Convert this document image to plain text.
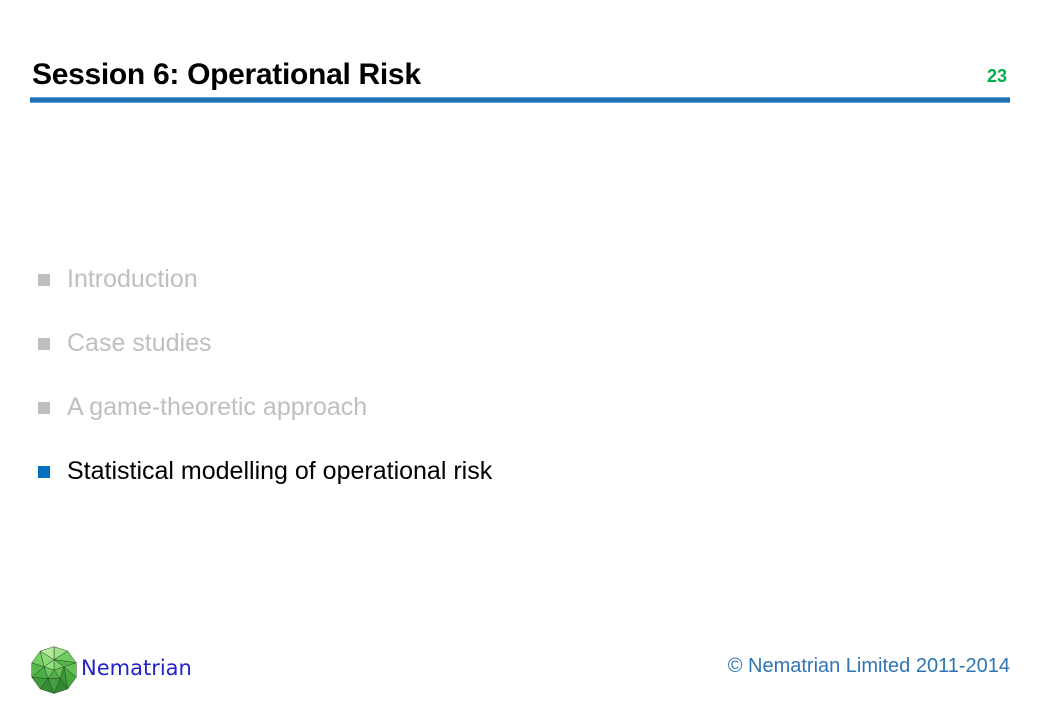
Session 6: Operational Risk	23
Introduction
Case studies
A game-theoretic approach
Statistical modelling of operational risk
Nematrian	© Nematrian Limited 2011-2014
